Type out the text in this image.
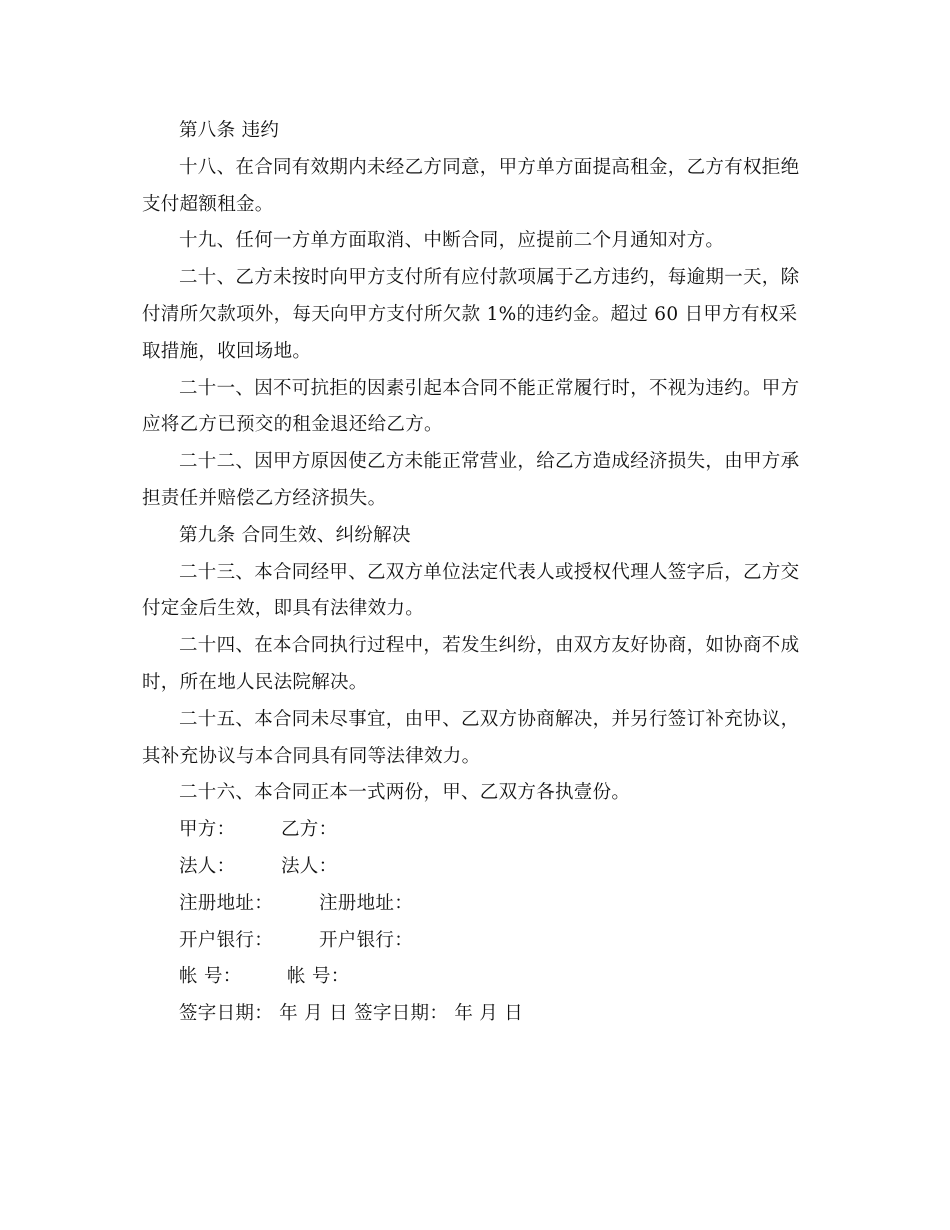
第八条 违约

十八、在合同有效期内未经乙方同意，甲方单方面提高租金，乙方有权拒绝支付超额租金。

十九、任何一方单方面取消、中断合同，应提前二个月通知对方。

二十、乙方未按时向甲方支付所有应付款项属于乙方违约，每逾期一天，除付清所欠款项外，每天向甲方支付所欠款 1%的违约金。超过 60 日甲方有权采取措施，收回场地。

二十一、因不可抗拒的因素引起本合同不能正常履行时，不视为违约。甲方应将乙方已预交的租金退还给乙方。

二十二、因甲方原因使乙方未能正常营业，给乙方造成经济损失，由甲方承担责任并赔偿乙方经济损失。

第九条 合同生效、纠纷解决

二十三、本合同经甲、乙双方单位法定代表人或授权代理人签字后，乙方交付定金后生效，即具有法律效力。

二十四、在本合同执行过程中，若发生纠纷，由双方友好协商，如协商不成时，所在地人民法院解决。

二十五、本合同未尽事宜，由甲、乙双方协商解决，并另行签订补充协议，其补充协议与本合同具有同等法律效力。

二十六、本合同正本一式两份，甲、乙双方各执壹份。

甲方： 乙方：
法人： 法人：
注册地址： 注册地址：
开户银行： 开户银行：
帐 号： 帐 号：
签字日期： 年 月 日 签字日期： 年 月 日
